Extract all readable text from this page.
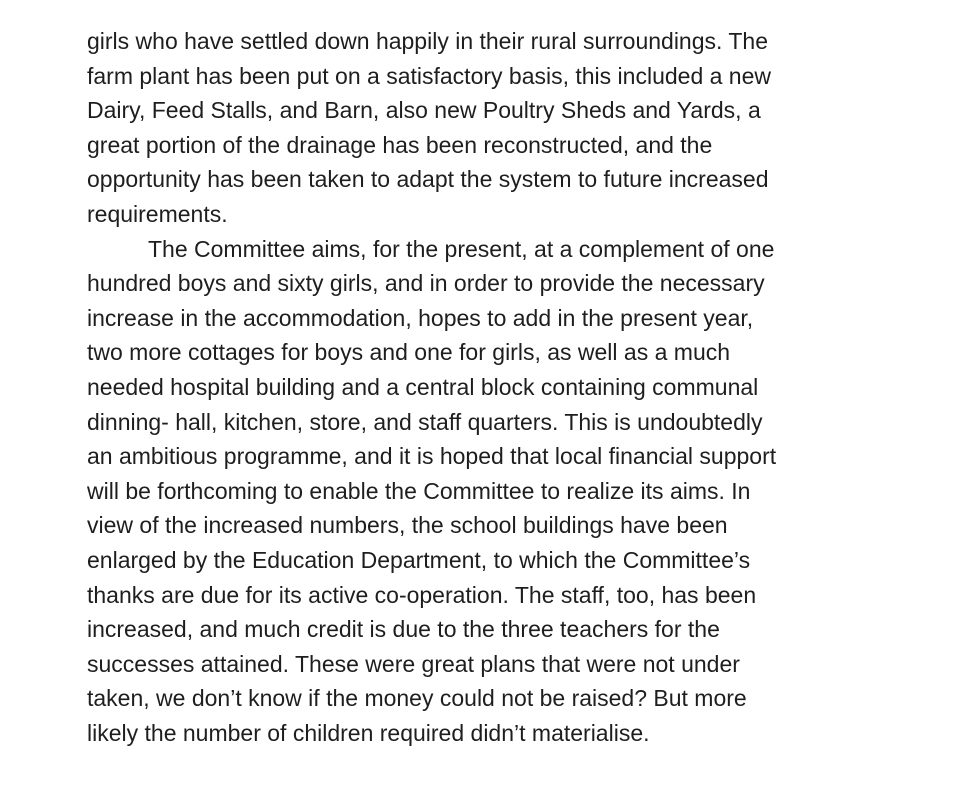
girls who have settled down happily in their rural surroundings. The
farm plant has been put on a satisfactory basis, this included a new
Dairy, Feed Stalls, and Barn, also new Poultry Sheds and Yards, a
great portion of the drainage has been reconstructed, and the
opportunity has been taken to adapt the system to future increased
requirements.
The Committee aims, for the present, at a complement of one
hundred boys and sixty girls, and in order to provide the necessary
increase in the accommodation, hopes to add in the present year,
two more cottages for boys and one for girls, as well as a much
needed hospital building and a central block containing communal
dinning- hall, kitchen, store, and staff quarters. This is undoubtedly
an ambitious programme, and it is hoped that local financial support
will be forthcoming to enable the Committee to realize its aims. In
view of the increased numbers, the school buildings have been
enlarged by the Education Department, to which the Committee’s
thanks are due for its active co-operation. The staff, too, has been
increased, and much credit is due to the three teachers for the
successes attained. These were great plans that were not under
taken, we don’t know if the money could not be raised? But more
likely the number of children required didn’t materialise.
